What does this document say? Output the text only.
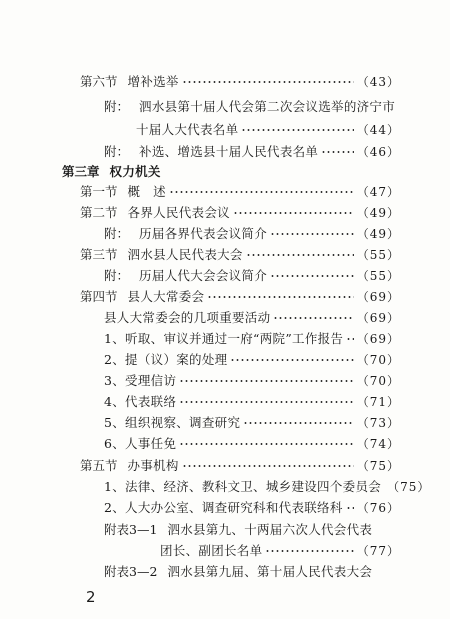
第六节 增补选举	（43）
附： 泗水县第十届人代会第二次会议选举的济宁市
十届人大代表名单	（44）
附： 补选、增选县十届人民代表名单	（46）
第三章 权力机关
第一节 概　述	（47）
第二节 各界人民代表会议	（49）
附： 历届各界代表会议简介	（49）
第三节 泗水县人民代表大会	（55）
附： 历届人代大会会议简介	（55）
第四节 县人大常委会	（69）
县人大常委会的几项重要活动	（69）
1、听取、审议并通过一府“两院”工作报告 （69）
2、提（议）案的处理	（70）
3、受理信访	（70）
4、代表联络	（71）
5、组织视察、调查研究	（73）
6、人事任免	（74）
第五节 办事机构	（75）
1、法律、经济、教科文卫、城乡建设四个委员会 （75）
2、人大办公室、调查研究科和代表联络科 （76）
附表3—1 泗水县第九、十两届六次人代会代表
团长、副团长名单	（77）
附表3—2 泗水县第九届、第十届人民代表大会
2
